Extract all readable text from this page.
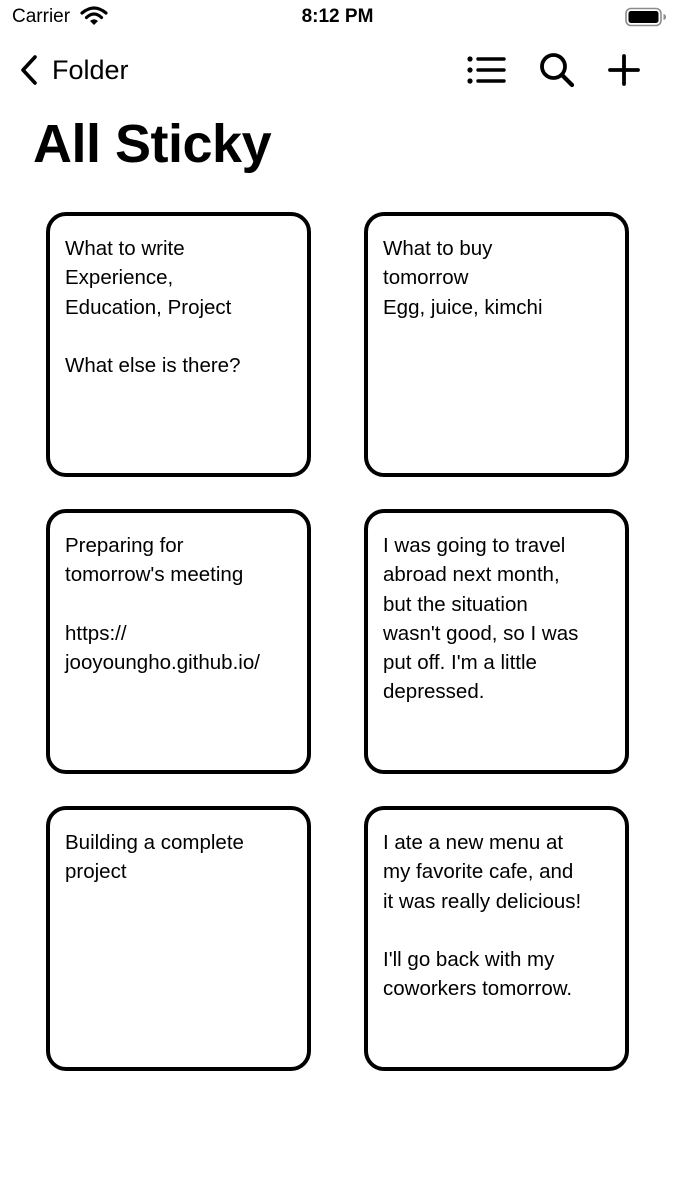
Carrier	8:12 PM
Folder
All Sticky
What to write
Experience,
Education, Project

What else is there?
What to buy
tomorrow
Egg, juice, kimchi
Preparing for
tomorrow's meeting

https://
jooyoungho.github.io/
I was going to travel
abroad next month,
but the situation
wasn't good, so I was
put off. I'm a little
depressed.
Building a complete
project
I ate a new menu at
my favorite cafe, and
it was really delicious!

I'll go back with my
coworkers tomorrow.
